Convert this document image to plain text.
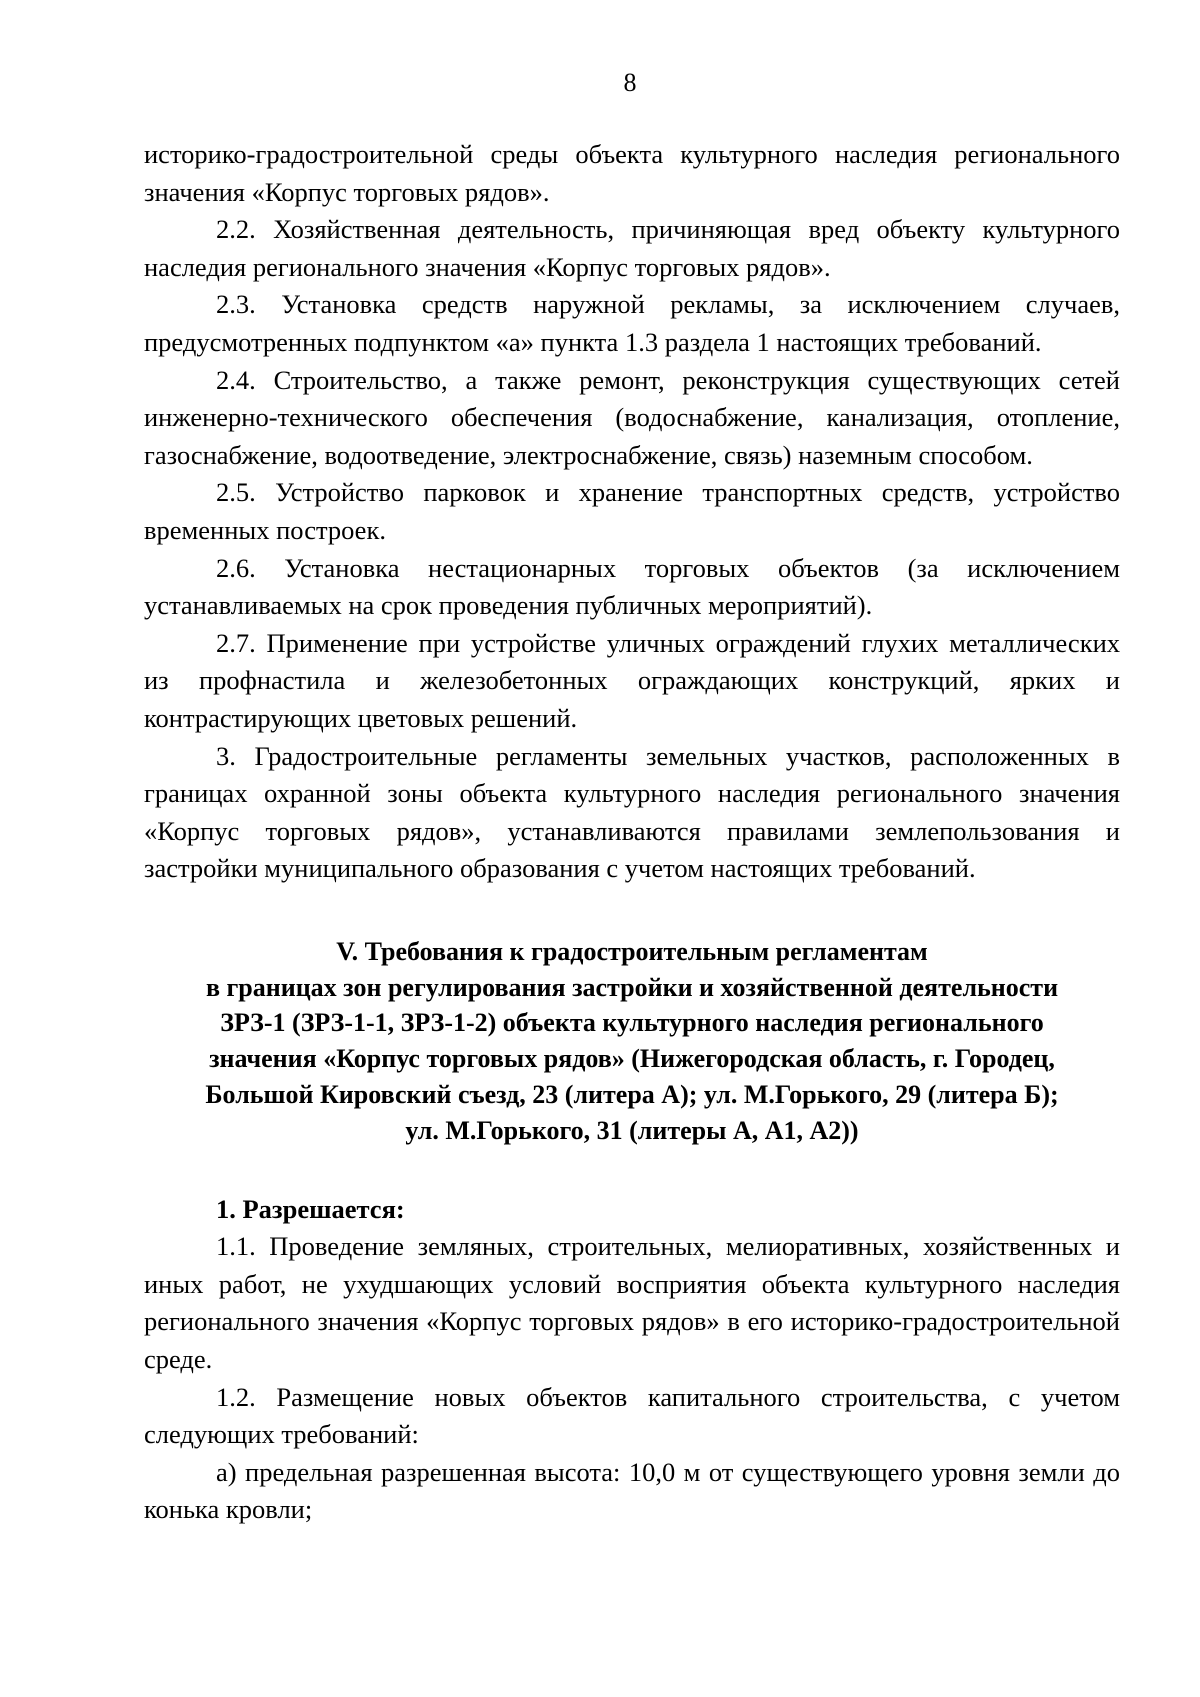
8

историко-градостроительной среды объекта культурного наследия регионального значения «Корпус торговых рядов».

2.2. Хозяйственная деятельность, причиняющая вред объекту культурного наследия регионального значения «Корпус торговых рядов».

2.3. Установка средств наружной рекламы, за исключением случаев, предусмотренных подпунктом «а» пункта 1.3 раздела 1 настоящих требований.

2.4. Строительство, а также ремонт, реконструкция существующих сетей инженерно-технического обеспечения (водоснабжение, канализация, отопление, газоснабжение, водоотведение, электроснабжение, связь) наземным способом.

2.5. Устройство парковок и хранение транспортных средств, устройство временных построек.

2.6. Установка нестационарных торговых объектов (за исключением устанавливаемых на срок проведения публичных мероприятий).

2.7. Применение при устройстве уличных ограждений глухих металлических из профнастила и железобетонных ограждающих конструкций, ярких и контрастирующих цветовых решений.

3. Градостроительные регламенты земельных участков, расположенных в границах охранной зоны объекта культурного наследия регионального значения «Корпус торговых рядов», устанавливаются правилами землепользования и застройки муниципального образования с учетом настоящих требований.

V. Требования к градостроительным регламентам
в границах зон регулирования застройки и хозяйственной деятельности
ЗРЗ-1 (ЗРЗ-1-1, ЗРЗ-1-2) объекта культурного наследия регионального
значения «Корпус торговых рядов» (Нижегородская область, г. Городец,
Большой Кировский съезд, 23 (литера А); ул. М.Горького, 29 (литера Б);
ул. М.Горького, 31 (литеры А, А1, А2))

1. Разрешается:

1.1. Проведение земляных, строительных, мелиоративных, хозяйственных и иных работ, не ухудшающих условий восприятия объекта культурного наследия регионального значения «Корпус торговых рядов» в его историко-градостроительной среде.

1.2. Размещение новых объектов капитального строительства, с учетом следующих требований:

а) предельная разрешенная высота: 10,0 м от существующего уровня земли до конька кровли;
